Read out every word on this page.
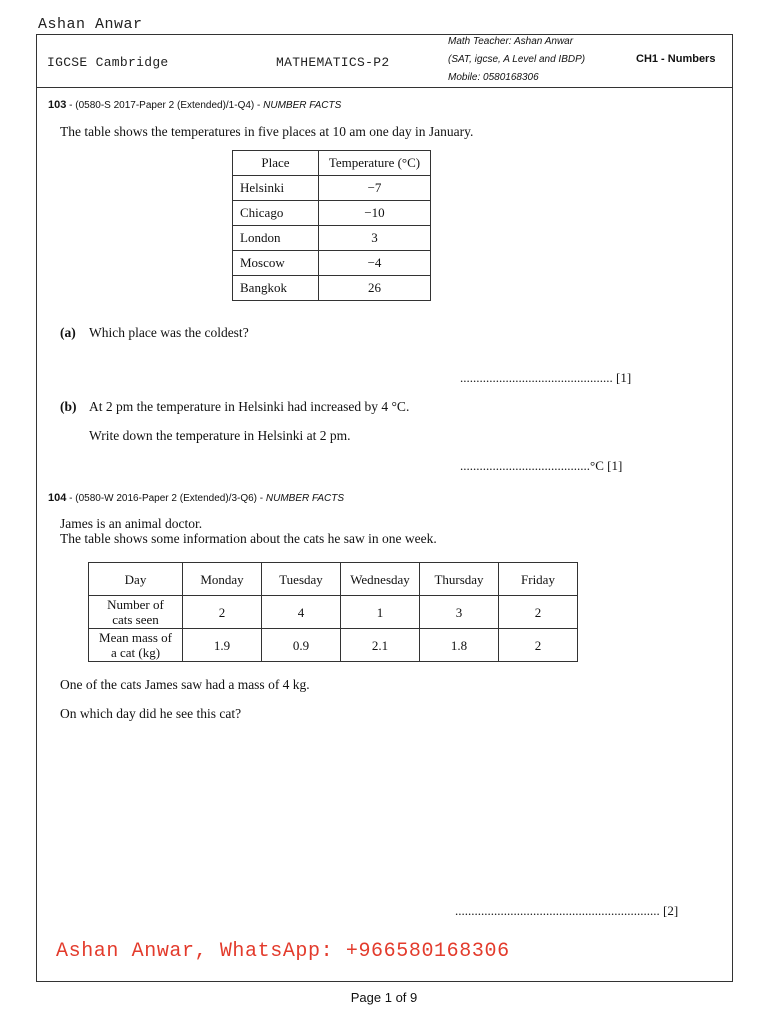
Ashan Anwar
IGCSE Cambridge	MATHEMATICS-P2
Math Teacher: Ashan Anwar
(SAT, igcse, A Level and IBDP)
Mobile: 0580168306
CH1 - Numbers
103 - (0580-S 2017-Paper 2 (Extended)/1-Q4) - NUMBER FACTS
The table shows the temperatures in five places at 10 am one day in January.
Place	Temperature (°C)
Helsinki	−7
Chicago	−10
London	3
Moscow	−4
Bangkok	26
(a) Which place was the coldest?
............................................... [1]
(b) At 2 pm the temperature in Helsinki had increased by 4 °C.
Write down the temperature in Helsinki at 2 pm.
........................................°C [1]
104 - (0580-W 2016-Paper 2 (Extended)/3-Q6) - NUMBER FACTS
James is an animal doctor.
The table shows some information about the cats he saw in one week.
Day	Monday	Tuesday	Wednesday	Thursday	Friday
Number of
cats seen	2	4	1	3	2
Mean mass of
a cat (kg)	1.9	0.9	2.1	1.8	2
One of the cats James saw had a mass of 4 kg.
On which day did he see this cat?
............................................................... [2]
Ashan Anwar, WhatsApp: +966580168306
Page 1 of 9
